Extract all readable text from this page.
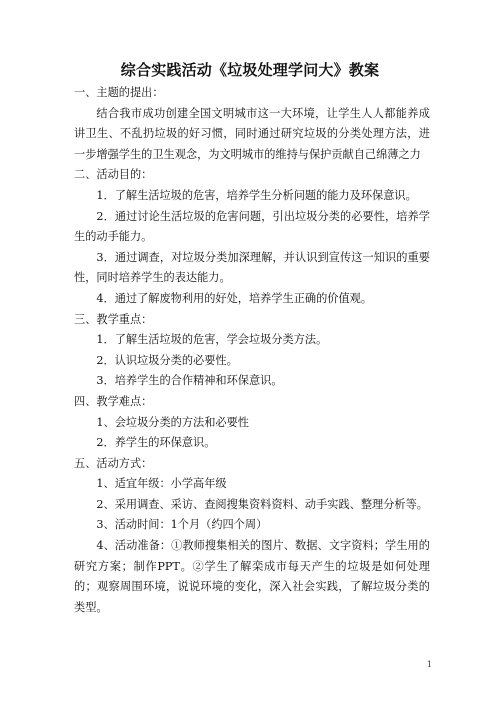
综合实践活动《垃圾处理学问大》教案

一、主题的提出：

结合我市成功创建全国文明城市这一大环境，让学生人人都能养成讲卫生、不乱扔垃圾的好习惯，同时通过研究垃圾的分类处理方法，进一步增强学生的卫生观念，为文明城市的维持与保护贡献自己绵薄之力

二、活动目的：

1．了解生活垃圾的危害，培养学生分析问题的能力及环保意识。

2．通过讨论生活垃圾的危害问题，引出垃圾分类的必要性，培养学生的动手能力。

3．通过调查，对垃圾分类加深理解，并认识到宣传这一知识的重要性，同时培养学生的表达能力。

4．通过了解废物利用的好处，培养学生正确的价值观。

三、教学重点：

1．了解生活垃圾的危害，学会垃圾分类方法。

2．认识垃圾分类的必要性。

3．培养学生的合作精神和环保意识。

四、教学难点：

1、会垃圾分类的方法和必要性

2．养学生的环保意识。

五、活动方式：

1、适宜年级：小学高年级

2、采用调查、采访、查阅搜集资料资料、动手实践、整理分析等。

3、活动时间：1个月（约四个周）

4、活动准备：①教师搜集相关的图片、数据、文字资料；学生用的研究方案；制作PPT。②学生了解栾成市每天产生的垃圾是如何处理的；观察周围环境，说说环境的变化，深入社会实践，了解垃圾分类的类型。

1
